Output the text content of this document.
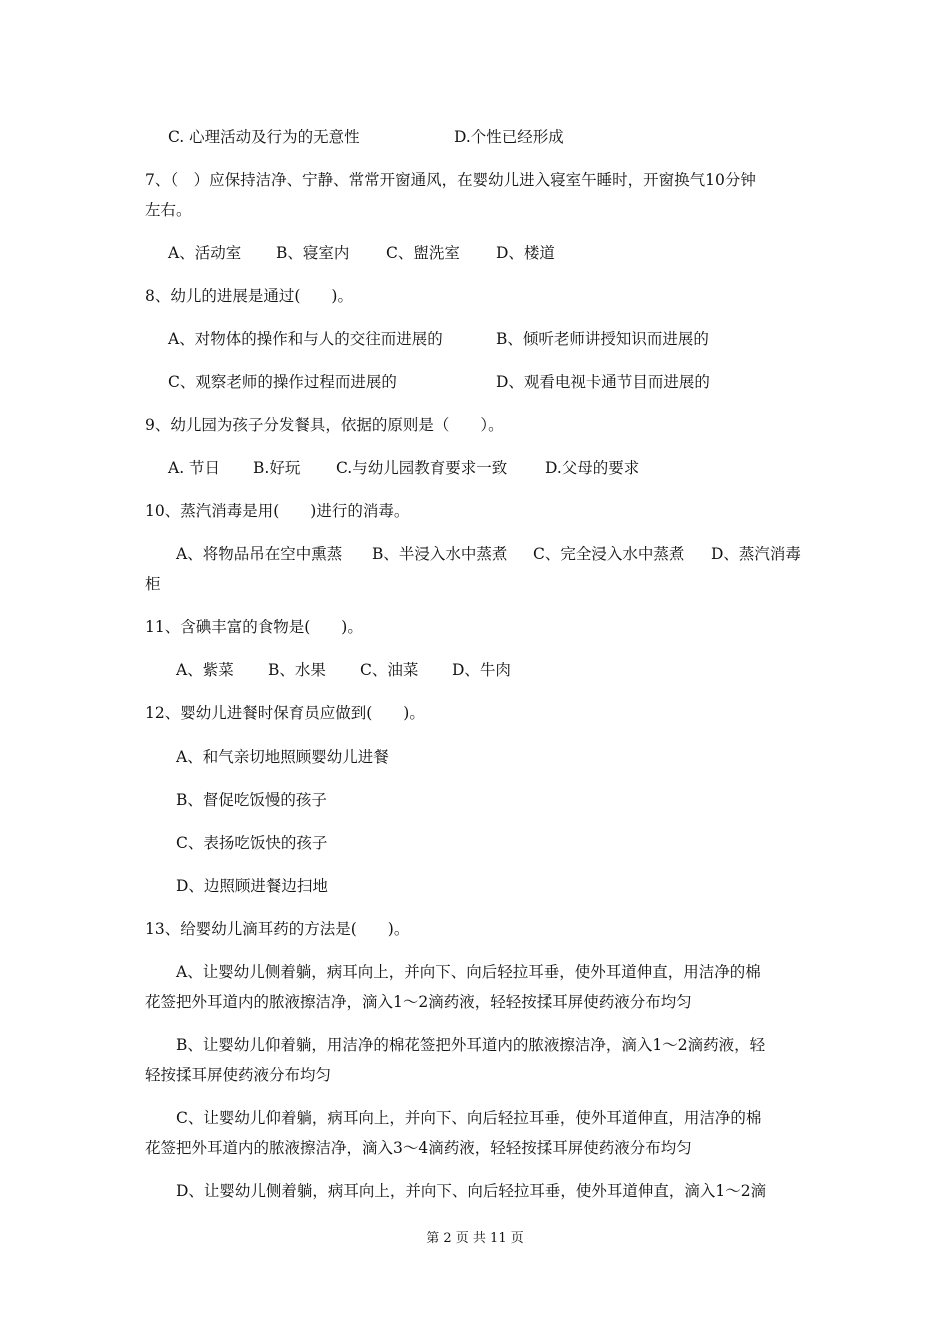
C. 心理活动及行为的无意性	D.个性已经形成
7、（　）应保持洁净、宁静、常常开窗通风，在婴幼儿进入寝室午睡时，开窗换气10分钟
左右。
A、活动室 B、寝室内 C、盥洗室 D、楼道
8、幼儿的进展是通过(　　)。
A、对物体的操作和与人的交往而进展的	B、倾听老师讲授知识而进展的
C、观察老师的操作过程而进展的	D、观看电视卡通节目而进展的
9、幼儿园为孩子分发餐具，依据的原则是（　　）。
A. 节日 B.好玩 C.与幼儿园教育要求一致 D.父母的要求
10、蒸汽消毒是用(　　)进行的消毒。
A、将物品吊在空中熏蒸 B、半浸入水中蒸煮 C、完全浸入水中蒸煮 D、蒸汽消毒
柜
11、含碘丰富的食物是(　　)。
A、紫菜 B、水果 C、油菜 D、牛肉
12、婴幼儿进餐时保育员应做到(　　)。
A、和气亲切地照顾婴幼儿进餐
B、督促吃饭慢的孩子
C、表扬吃饭快的孩子
D、边照顾进餐边扫地
13、给婴幼儿滴耳药的方法是(　　)。
A、让婴幼儿侧着躺，病耳向上，并向下、向后轻拉耳垂，使外耳道伸直，用洁净的棉
花签把外耳道内的脓液擦洁净，滴入1～2滴药液，轻轻按揉耳屏使药液分布均匀
B、让婴幼儿仰着躺，用洁净的棉花签把外耳道内的脓液擦洁净，滴入1～2滴药液，轻
轻按揉耳屏使药液分布均匀
C、让婴幼儿仰着躺，病耳向上，并向下、向后轻拉耳垂，使外耳道伸直，用洁净的棉
花签把外耳道内的脓液擦洁净，滴入3～4滴药液，轻轻按揉耳屏使药液分布均匀
D、让婴幼儿侧着躺，病耳向上，并向下、向后轻拉耳垂，使外耳道伸直，滴入1～2滴
第 2 页 共 11 页
